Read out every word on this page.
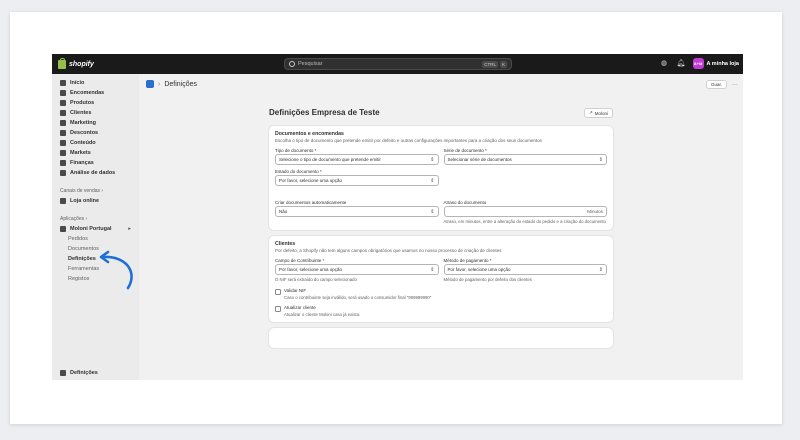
shopify	Pesquisar	CTRL	K	◍ 🔔︎	A+M A minha loja
Início
Encomendas
Produtos
Clientes
Marketing
Descontos
Conteúdo
Markets
Finanças
Análise de dados
Canais de vendas ›
Loja online
Aplicações ›
Moloni Portugal	▸
Pedidos
Documentos
Definições
Ferramentas
Registos
Definições
› Definições	Guar.	···
Definições Empresa de Teste	↗ Moloni
Documentos e encomendas
Escolha o tipo de documento que pretende emitir por defeito e outras configurações importantes para a criação dos seus documentos
Tipo de documento *
Selecione o tipo de documento que pretende emitir	⇕
Série de documento *
Selecionar série de documentos	⇕
Estado do documento *
Por favor, selecione uma opção	⇕
Criar documentos automaticamente
Não	⇕
Atraso do documento
Minutos
Atraso, em minutos, entre a alteração do estado do pedido e a criação do documento
Clientes
Por defeito, a Shopify não tem alguns campos obrigatórios que usamos no nosso processo de criação de clientes
Campo de Contribuinte *
Por favor, selecione uma opção	⇕
O NIF será extraído do campo selecionado
Método de pagamento *
Por favor, selecione uma opção	⇕
Método de pagamento por defeito dos clientes
Validar NIF
Caso o contribuinte seja inválido, será usado o consumidor final "999999990"
Atualizar cliente
Atualizar o cliente Moloni caso já exista.
